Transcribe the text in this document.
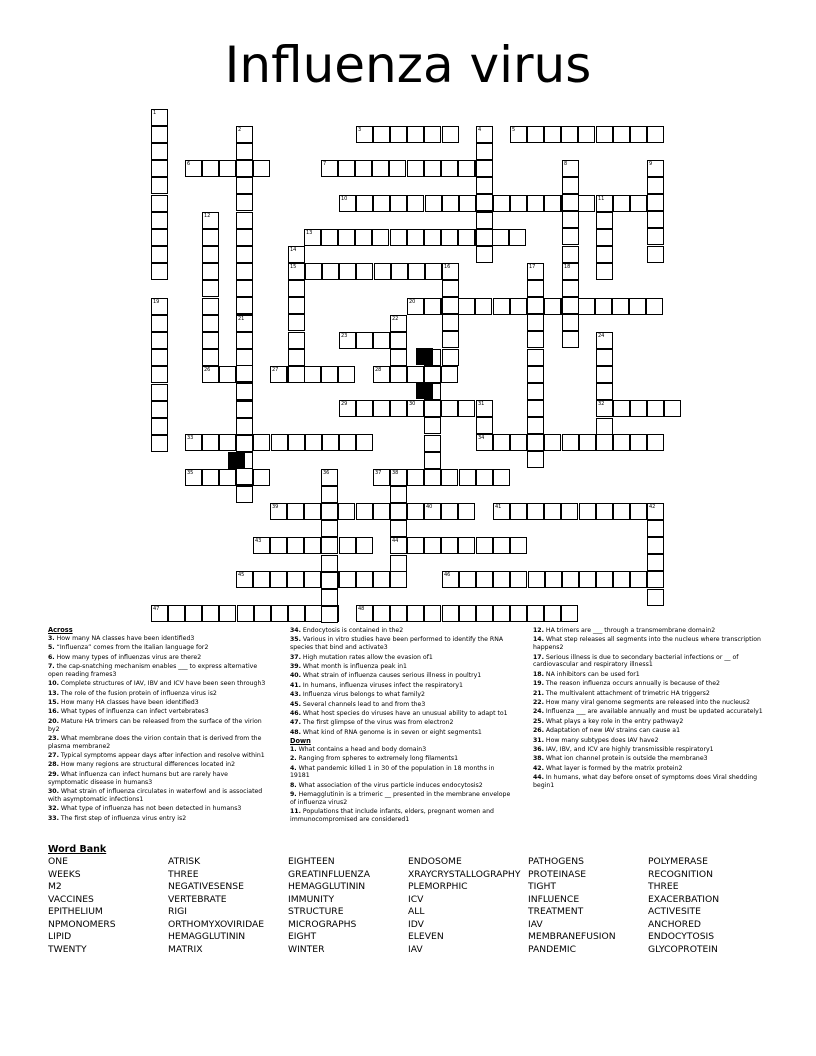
Influenza virus
3	5
6	7
10	11
13
15
20
23
26	27	28
29	30	32
33	34
35	37 38
39	40	41	42
43	44
45	46
47	48
1
2	4
8	9
12
14
16	17	18
19
21	22
24
31
36
Across
3. How many NA classes have been identified3
5. “Influenza” comes from the Italian language for2
6. How many types of influenzas virus are there2
7. the cap-snatching mechanism enables ___ to express alternative open reading frames3
10. Complete structures of IAV, IBV and ICV have been seen through3
13. The role of the fusion protein of influenza virus is2
15. How many HA classes have been identified3
16. What types of influenza can infect vertebrates3
20. Mature HA trimers can be released from the surface of the virion by2
23. What membrane does the virion contain that is derived from the plasma membrane2
27. Typical symptoms appear days after infection and resolve within1
28. How many regions are structural differences located in2
29. What influenza can infect humans but are rarely have symptomatic disease in humans3
30. What strain of influenza circulates in waterfowl and is associated with asymptomatic infections1
32. What type of influenza has not been detected in humans3
33. The first step of influenza virus entry is2
34. Endocytosis is contained in the2
35. Various in vitro studies have been performed to identify the RNA species that bind and activate3
37. High mutation rates allow the evasion of1
39. What month is influenza peak in1
40. What strain of influenza causes serious illness in poultry1
41. In humans, influenza viruses infect the respiratory1
43. Influenza virus belongs to what family2
45. Several channels lead to and from the3
46. What host species do viruses have an unusual ability to adapt to1
47. The first glimpse of the virus was from electron2
48. What kind of RNA genome is in seven or eight segments1
Down
1. What contains a head and body domain3
2. Ranging from spheres to extremely long filaments1
4. What pandemic killed 1 in 30 of the population in 18 months in 19181
8. What association of the virus particle induces endocytosis2
9. Hemagglutinin is a trimeric __ presented in the membrane envelope of influenza virus2
11. Populations that include infants, elders, pregnant women and immunocompromised are considered1
12. HA trimers are ___ through a transmembrane domain2
14. What step releases all segments into the nucleus where transcription happens2
17. Serious illness is due to secondary bacterial infections or __ of cardiovascular and respiratory illness1
18. NA inhibitors can be used for1
19. The reason influenza occurs annually is because of the2
21. The multivalent attachment of trimetric HA triggers2
22. How many viral genome segments are released into the nucleus2
24. Influenza ___ are available annually and must be updated accurately1
25. What plays a key role in the entry pathway2
26. Adaptation of new IAV strains can cause a1
31. How many subtypes does IAV have2
36. IAV, IBV, and ICV are highly transmissible respiratory1
38. What ion channel protein is outside the membrane3
42. What layer is formed by the matrix protein2
44. In humans, what day before onset of symptoms does Viral shedding begin1
Word Bank
ONE
WEEKS
M2
VACCINES
EPITHELIUM
NPMONOMERS
LIPID
TWENTY
ATRISK
THREE
NEGATIVESENSE
VERTEBRATE
RIGI
ORTHOMYXOVIRIDAE
HEMAGGLUTININ
MATRIX
EIGHTEEN
GREATINFLUENZA
HEMAGGLUTININ
IMMUNITY
STRUCTURE
MICROGRAPHS
EIGHT
WINTER
ENDOSOME
XRAYCRYSTALLOGRAPHY
PLEMORPHIC
ICV
ALL
IDV
ELEVEN
IAV
PATHOGENS
PROTEINASE
TIGHT
INFLUENCE
TREATMENT
IAV
MEMBRANEFUSION
PANDEMIC
POLYMERASE
RECOGNITION
THREE
EXACERBATION
ACTIVESITE
ANCHORED
ENDOCYTOSIS
GLYCOPROTEIN
